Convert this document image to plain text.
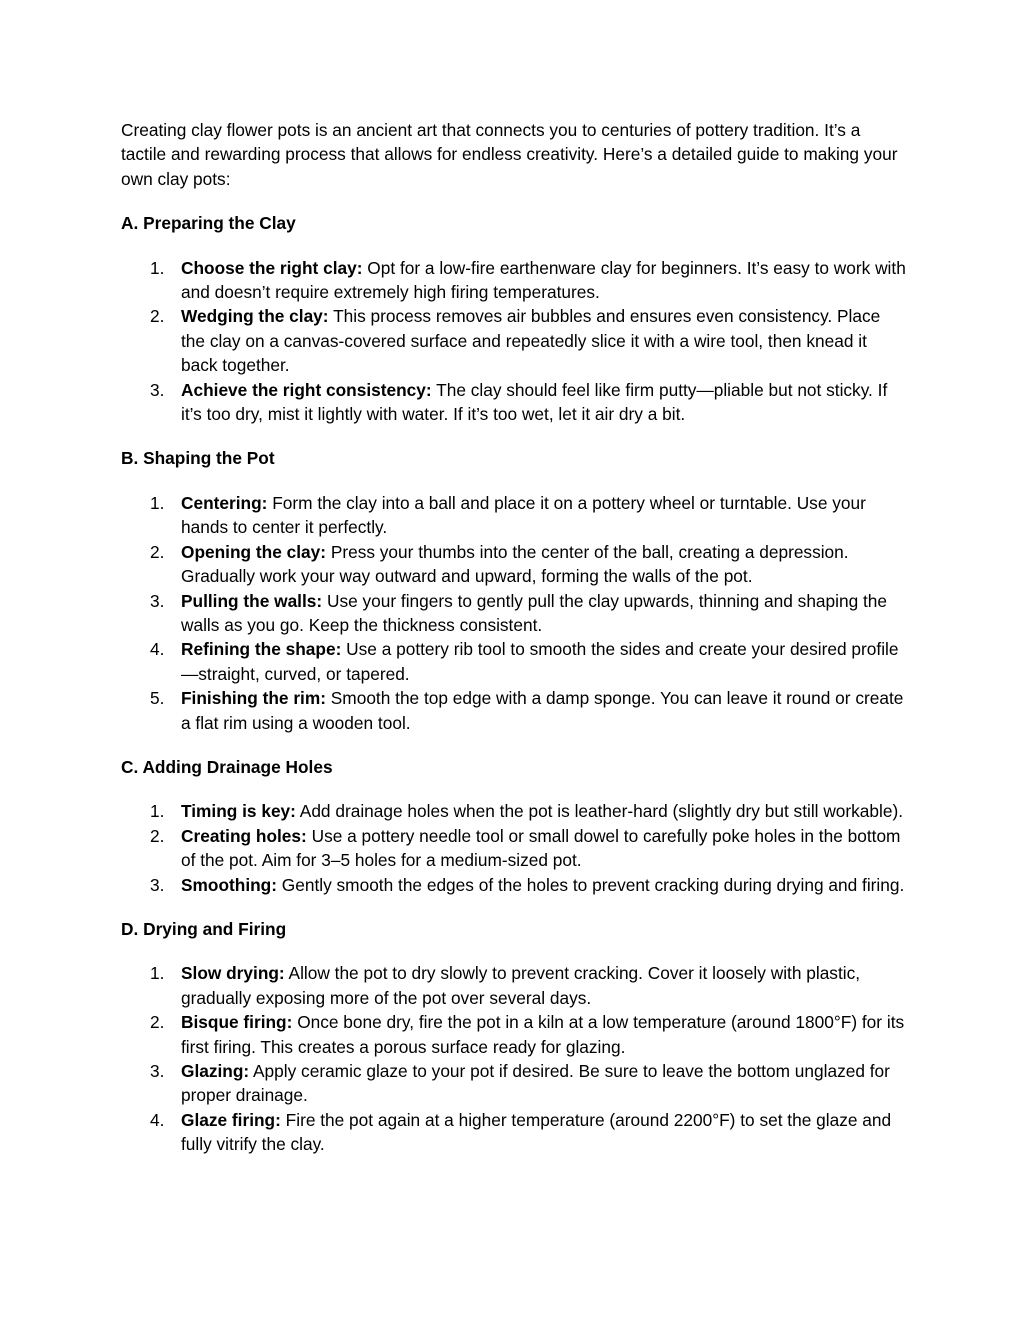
Creating clay flower pots is an ancient art that connects you to centuries of pottery tradition. It’s a tactile and rewarding process that allows for endless creativity. Here’s a detailed guide to making your own clay pots:

A. Preparing the Clay
1. Choose the right clay: Opt for a low-fire earthenware clay for beginners. It’s easy to work with and doesn’t require extremely high firing temperatures.
2. Wedging the clay: This process removes air bubbles and ensures even consistency. Place the clay on a canvas-covered surface and repeatedly slice it with a wire tool, then knead it back together.
3. Achieve the right consistency: The clay should feel like firm putty—pliable but not sticky. If it’s too dry, mist it lightly with water. If it’s too wet, let it air dry a bit.
B. Shaping the Pot
1. Centering: Form the clay into a ball and place it on a pottery wheel or turntable. Use your hands to center it perfectly.
2. Opening the clay: Press your thumbs into the center of the ball, creating a depression. Gradually work your way outward and upward, forming the walls of the pot.
3. Pulling the walls: Use your fingers to gently pull the clay upwards, thinning and shaping the walls as you go. Keep the thickness consistent.
4. Refining the shape: Use a pottery rib tool to smooth the sides and create your desired profile—straight, curved, or tapered.
5. Finishing the rim: Smooth the top edge with a damp sponge. You can leave it round or create a flat rim using a wooden tool.
C. Adding Drainage Holes
1. Timing is key: Add drainage holes when the pot is leather-hard (slightly dry but still workable).
2. Creating holes: Use a pottery needle tool or small dowel to carefully poke holes in the bottom of the pot. Aim for 3–5 holes for a medium-sized pot.
3. Smoothing: Gently smooth the edges of the holes to prevent cracking during drying and firing.
D. Drying and Firing
1. Slow drying: Allow the pot to dry slowly to prevent cracking. Cover it loosely with plastic, gradually exposing more of the pot over several days.
2. Bisque firing: Once bone dry, fire the pot in a kiln at a low temperature (around 1800°F) for its first firing. This creates a porous surface ready for glazing.
3. Glazing: Apply ceramic glaze to your pot if desired. Be sure to leave the bottom unglazed for proper drainage.
4. Glaze firing: Fire the pot again at a higher temperature (around 2200°F) to set the glaze and fully vitrify the clay.
